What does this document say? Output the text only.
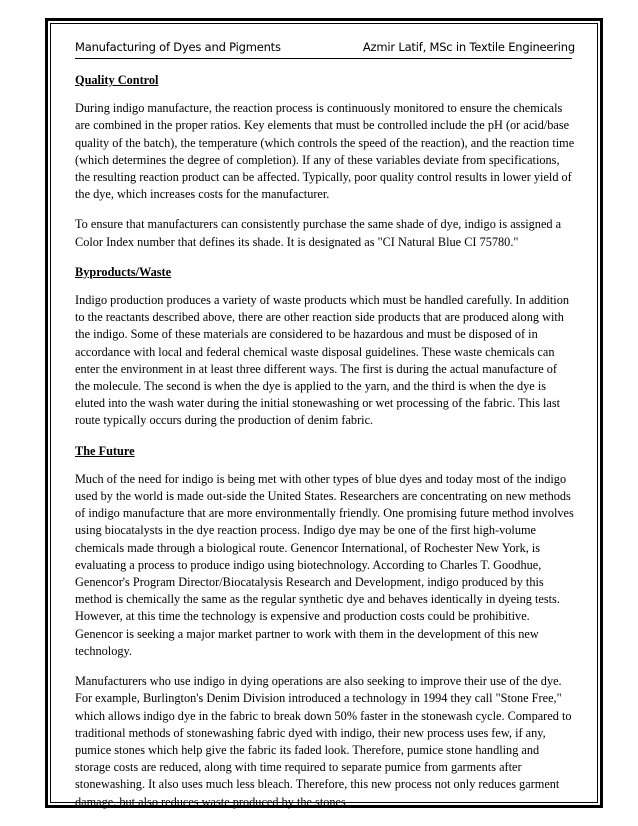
Manufacturing of Dyes and Pigments	Azmir Latif, MSc in Textile Engineering

Quality Control

During indigo manufacture, the reaction process is continuously monitored to ensure the chemicals are combined in the proper ratios. Key elements that must be controlled include the pH (or acid/base quality of the batch), the temperature (which controls the speed of the reaction), and the reaction time (which determines the degree of completion). If any of these variables deviate from specifications, the resulting reaction product can be affected. Typically, poor quality control results in lower yield of the dye, which increases costs for the manufacturer.

To ensure that manufacturers can consistently purchase the same shade of dye, indigo is assigned a Color Index number that defines its shade. It is designated as "CI Natural Blue CI 75780."

Byproducts/Waste

Indigo production produces a variety of waste products which must be handled carefully. In addition to the reactants described above, there are other reaction side products that are produced along with the indigo. Some of these materials are considered to be hazardous and must be disposed of in accordance with local and federal chemical waste disposal guidelines. These waste chemicals can enter the environment in at least three different ways. The first is during the actual manufacture of the molecule. The second is when the dye is applied to the yarn, and the third is when the dye is eluted into the wash water during the initial stonewashing or wet processing of the fabric. This last route typically occurs during the production of denim fabric.

The Future

Much of the need for indigo is being met with other types of blue dyes and today most of the indigo used by the world is made out-side the United States. Researchers are concentrating on new methods of indigo manufacture that are more environmentally friendly. One promising future method involves using biocatalysts in the dye reaction process. Indigo dye may be one of the first high-volume chemicals made through a biological route. Genencor International, of Rochester New York, is evaluating a process to produce indigo using biotechnology. According to Charles T. Goodhue, Genencor's Program Director/Biocatalysis Research and Development, indigo produced by this method is chemically the same as the regular synthetic dye and behaves identically in dyeing tests. However, at this time the technology is expensive and production costs could be prohibitive. Genencor is seeking a major market partner to work with them in the development of this new technology.

Manufacturers who use indigo in dying operations are also seeking to improve their use of the dye. For example, Burlington's Denim Division introduced a technology in 1994 they call "Stone Free," which allows indigo dye in the fabric to break down 50% faster in the stonewash cycle. Compared to traditional methods of stonewashing fabric dyed with indigo, their new process uses few, if any, pumice stones which help give the fabric its faded look. Therefore, pumice stone handling and storage costs are reduced, along with time required to separate pumice from garments after stonewashing. It also uses much less bleach. Therefore, this new process not only reduces garment damage, but also reduces waste produced by the stones
